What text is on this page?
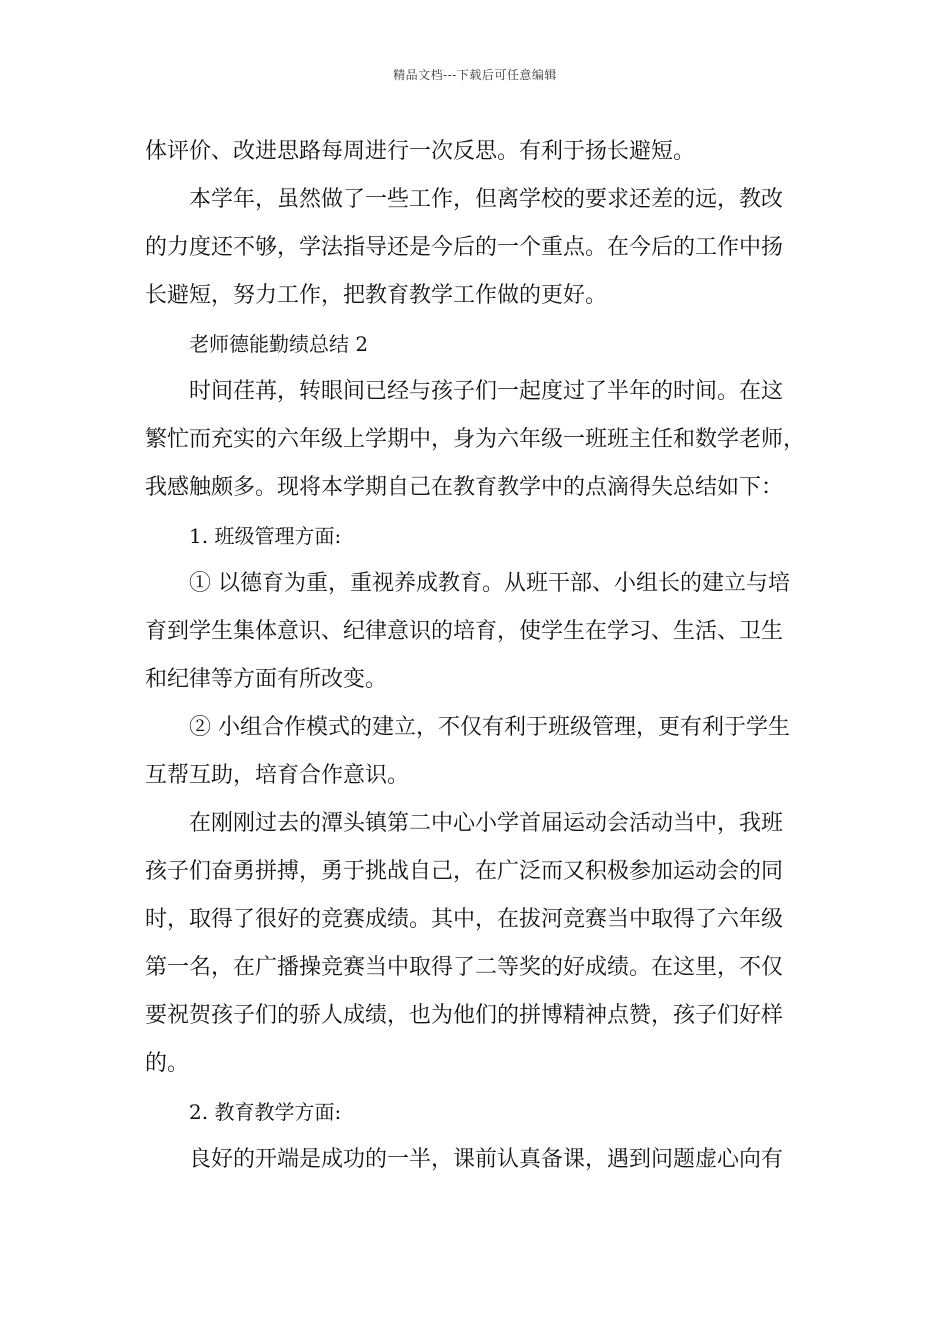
精品文档---下载后可任意编辑
体评价、改进思路每周进行一次反思。有利于扬长避短。
本学年，虽然做了一些工作，但离学校的要求还差的远，教改
的力度还不够，学法指导还是今后的一个重点。在今后的工作中扬
长避短，努力工作，把教育教学工作做的更好。
老师德能勤绩总结 2
时间荏苒，转眼间已经与孩子们一起度过了半年的时间。在这
繁忙而充实的六年级上学期中，身为六年级一班班主任和数学老师，
我感触颇多。现将本学期自己在教育教学中的点滴得失总结如下：
1. 班级管理方面:
① 以德育为重，重视养成教育。从班干部、小组长的建立与培
育到学生集体意识、纪律意识的培育，使学生在学习、生活、卫生
和纪律等方面有所改变。
② 小组合作模式的建立，不仅有利于班级管理，更有利于学生
互帮互助，培育合作意识。
在刚刚过去的潭头镇第二中心小学首届运动会活动当中，我班
孩子们奋勇拼搏，勇于挑战自己，在广泛而又积极参加运动会的同
时，取得了很好的竞赛成绩。其中，在拔河竞赛当中取得了六年级
第一名，在广播操竞赛当中取得了二等奖的好成绩。在这里，不仅
要祝贺孩子们的骄人成绩，也为他们的拼博精神点赞，孩子们好样
的。
2. 教育教学方面:
良好的开端是成功的一半，课前认真备课，遇到问题虚心向有
